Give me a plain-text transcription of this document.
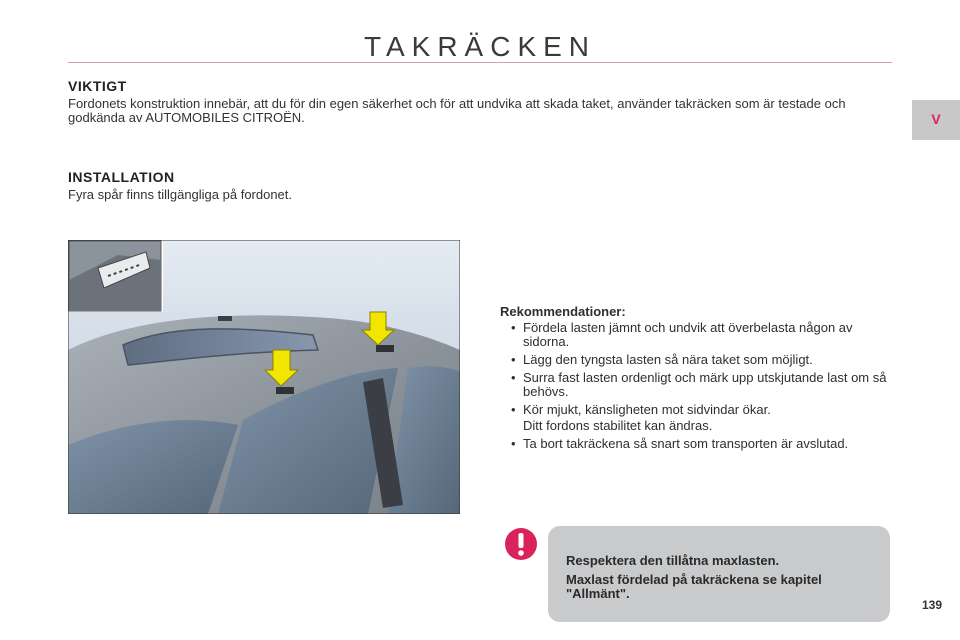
TAKRÄCKEN
V
VIKTIGT

Fordonets konstruktion innebär, att du för din egen säkerhet och för att undvika att skada taket, använder takräcken som är testade och godkända av AUTOMOBILES CITROËN.

INSTALLATION

Fyra spår finns tillgängliga på fordonet.

Rekommendationer:

• Fördela lasten jämnt och undvik att överbelasta någon av sidorna.
• Lägg den tyngsta lasten så nära taket som möjligt.
• Surra fast lasten ordenligt och märk upp utskjutande last om så behövs.
• Kör mjukt, känsligheten mot sidvindar ökar.

Ditt fordons stabilitet kan ändras.

• Ta bort takräckena så snart som transporten är avslutad.

Respektera den tillåtna maxlasten.

Maxlast fördelad på takräckena se kapitel "Allmänt".

139
